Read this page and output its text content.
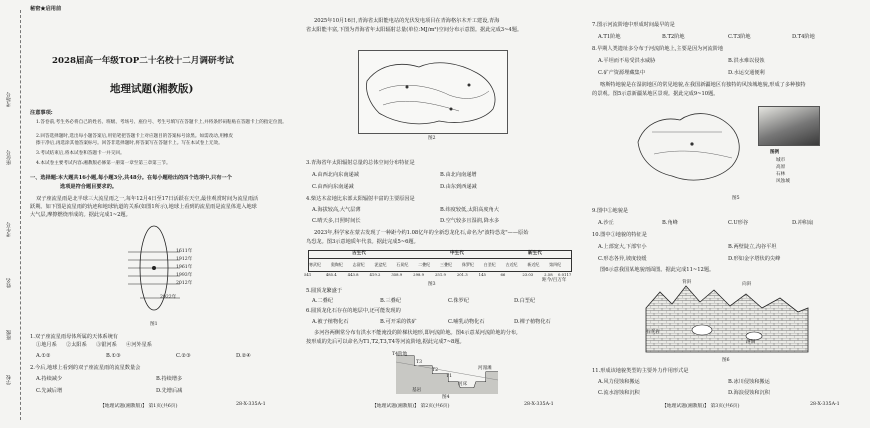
秘密★启用前
考场号
座位号
考生号
姓名
班级
学校
2028届高一年级TOP二十名校十二月调研考试
地理试题(湘教版)
注意事项:
1.答卷前,考生务必将自己的姓名、班级、考场号、座位号、考生号填写在答题卡上,并将条形码粘贴在答题卡上的指定位置。
2.回答选择题时,选出每小题答案后,用铅笔把答题卡上对应题目的答案标号涂黑。如需改动,用橡皮
擦干净后,再选涂其他答案标号。回答非选择题时,将答案写在答题卡上。写在本试卷上无效。
3.考试结束后,将本试卷和答题卡一并交回。
4.本试卷主要考试内容:湘教版必修第一册第一章至第三章第三节。
一、选择题:本大题共16小题,每小题3分,共48分。在每小题给出的四个选项中,只有一个
选项是符合题目要求的。
双子座流星雨是北半球三大流星雨之一,每年12月4日至17日活跃在天空,最佳观赏时间为流星雨活
跃期。如下图是流星雨的轨迹和地球轨道的关系(如图1所示),地球上看到的流星雨是流星体进入地球
大气层,摩擦燃烧形成的。据此完成1~2题。
1611年
1912年
1961年
1993年
2012年
2022年
图1
1.双子座流星雨母体所属的天体系统有
①地月系 ②太阳系 ③银河系 ④河外星系
A.①②	B.①③	C.②③	D.②④
2.今后,地球上看到的双子座流星雨的流星数量会
A.持续减少	B.持续增多
C.先减后增	D.先增后减
【地理试题(湘教版)】 第1页(共6页)	28-X-335A-1
2025年10月16日,青海省太阳能电站的光伏发电项目在青海格尔木开工建设,青海
省太阳能丰富,下图为青海省年太阳辐射总量(单位:MJ/m²)空间分布示意图。据此完成3~4题。
图2
3.青海省年太阳辐射总量的总体空间分布特征是
A.由西北向东南递减	B.由北向南递增
C.由西向东南递减	D.由东到西递减
4.柴达木盆地比东部太阳辐射丰富的主要原因是
A.海拔较高,大气层薄	B.纬度较低,太阳高度角大
C.晴天多,日照时间长	D.空气较多且湿润,降水多
2023年,科学家在蒙古发现了一种距今约1.08亿年的全新恐龙化石,命名为"波特恐龙"——原始
鸟恐龙。图3示意地质年代表。据此完成5~6题。
古生代	中生代	新生代
寒武纪 奥陶纪 志留纪 泥盆纪 石炭纪 二叠纪 三叠纪 侏罗纪 白垩纪 古近纪 新近纪 第四纪
541	485.4	443.8	419.2	358.9	298.9	251.9	201.3	145	66	23.03	2.58 0.0117
距今/百万年
图3
5.圆顶龙繁盛于
A.二叠纪	B.三叠纪	C.侏罗纪	D.白垩纪
6.圆顶龙化石存在的地层中,还可能发现的
A.被子植物化石	B.可开采的铁矿	C.哺乳动物化石	D.裸子植物化石
多河谷两侧常分布有洪水不能淹没的阶梯状地形,即河流阶地。图4示意某河流阶地的分布,
按形成的先后可以命名为T1,T2,T3,T4等河流阶地,据此完成7~8题。
T4阶地
T3
T2
T1
河床
基岩
河漫滩
图4
【地理试题(湘教版)】 第2页(共6页)	28-X-335A-1
7.图示河流阶地中形成时间最早的是
A.T1阶地	B.T2阶地	C.T3阶地	D.T4阶地
8.早期人类遗址多分布于河流阶地上,主要是因为河流阶地
A.平坦而不易受洪水威胁	B.洪水难以侵蚀
C.矿产资源埋藏集中	D.水运交通便利
喀斯特地貌是在湿润地区的常见地貌,在我国新疆地区有独特的风蚀城地貌,形成了多种独特
的景观。图5示意新疆某地区景观。据此完成9~10题。
图例
城市
高原
石林
风蚀城
图5
9.图中①地貌是
A.沙丘	B.角峰	C.U形谷	D.冲积扇
10.图中①地貌的特征是
A.上部宽大,下部窄小	B.两壁陡立,沟谷平坦
C.形态各异,坡度较缓	D.形如金字塔状的尖峰
图6示意我国某地貌剖面图。据此完成11~12题。
背斜	向斜
石灰岩
溶洞
图6
11.形成该地貌类型的主要外力作用形式是
A.风力侵蚀和搬运	B.冰川侵蚀和搬运
C.流水溶蚀和沉积	D.海浪侵蚀和沉积
【地理试题(湘教版)】 第3页(共6页)	28-X-335A-1
